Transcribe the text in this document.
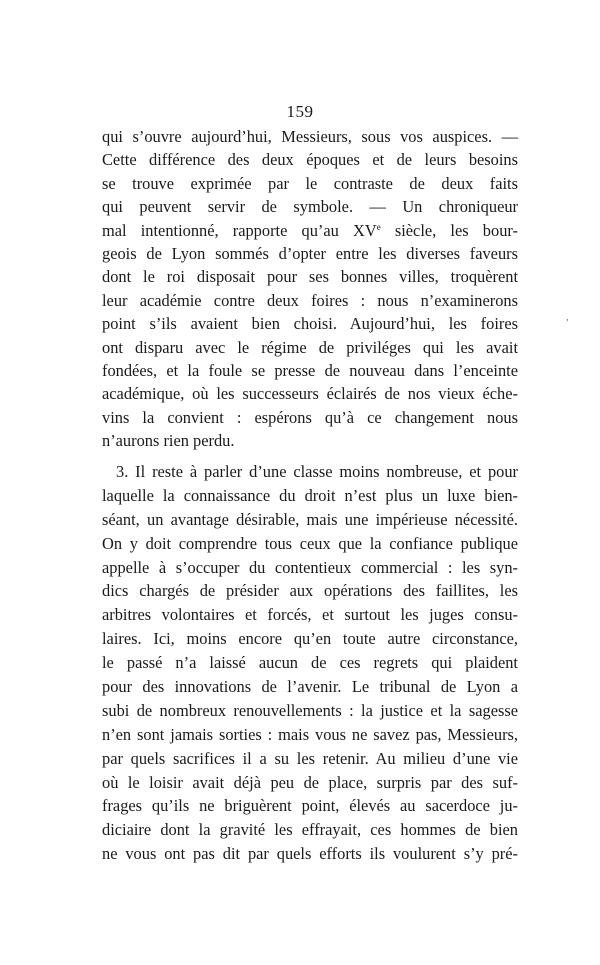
159
,
qui s’ouvre aujourd’hui, Messieurs, sous vos auspices. —
Cette différence des deux époques et de leurs besoins
se trouve exprimée par le contraste de deux faits
qui peuvent servir de symbole. — Un chroniqueur
mal intentionné, rapporte qu’au XVe siècle, les bour-
geois de Lyon sommés d’opter entre les diverses faveurs
dont le roi disposait pour ses bonnes villes, troquèrent
leur académie contre deux foires : nous n’examinerons
point s’ils avaient bien choisi. Aujourd’hui, les foires
ont disparu avec le régime de priviléges qui les avait
fondées, et la foule se presse de nouveau dans l’enceinte
académique, où les successeurs éclairés de nos vieux éche-
vins la convient : espérons qu’à ce changement nous
n’aurons rien perdu.
3. Il reste à parler d’une classe moins nombreuse, et pour
laquelle la connaissance du droit n’est plus un luxe bien-
séant, un avantage désirable, mais une impérieuse nécessité.
On y doit comprendre tous ceux que la confiance publique
appelle à s’occuper du contentieux commercial : les syn-
dics chargés de présider aux opérations des faillites, les
arbitres volontaires et forcés, et surtout les juges consu-
laires. Ici, moins encore qu’en toute autre circonstance,
le passé n’a laissé aucun de ces regrets qui plaident
pour des innovations de l’avenir. Le tribunal de Lyon a
subi de nombreux renouvellements : la justice et la sagesse
n’en sont jamais sorties : mais vous ne savez pas, Messieurs,
par quels sacrifices il a su les retenir. Au milieu d’une vie
où le loisir avait déjà peu de place, surpris par des suf-
frages qu’ils ne briguèrent point, élevés au sacerdoce ju-
diciaire dont la gravité les effrayait, ces hommes de bien
ne vous ont pas dit par quels efforts ils voulurent s’y pré-
